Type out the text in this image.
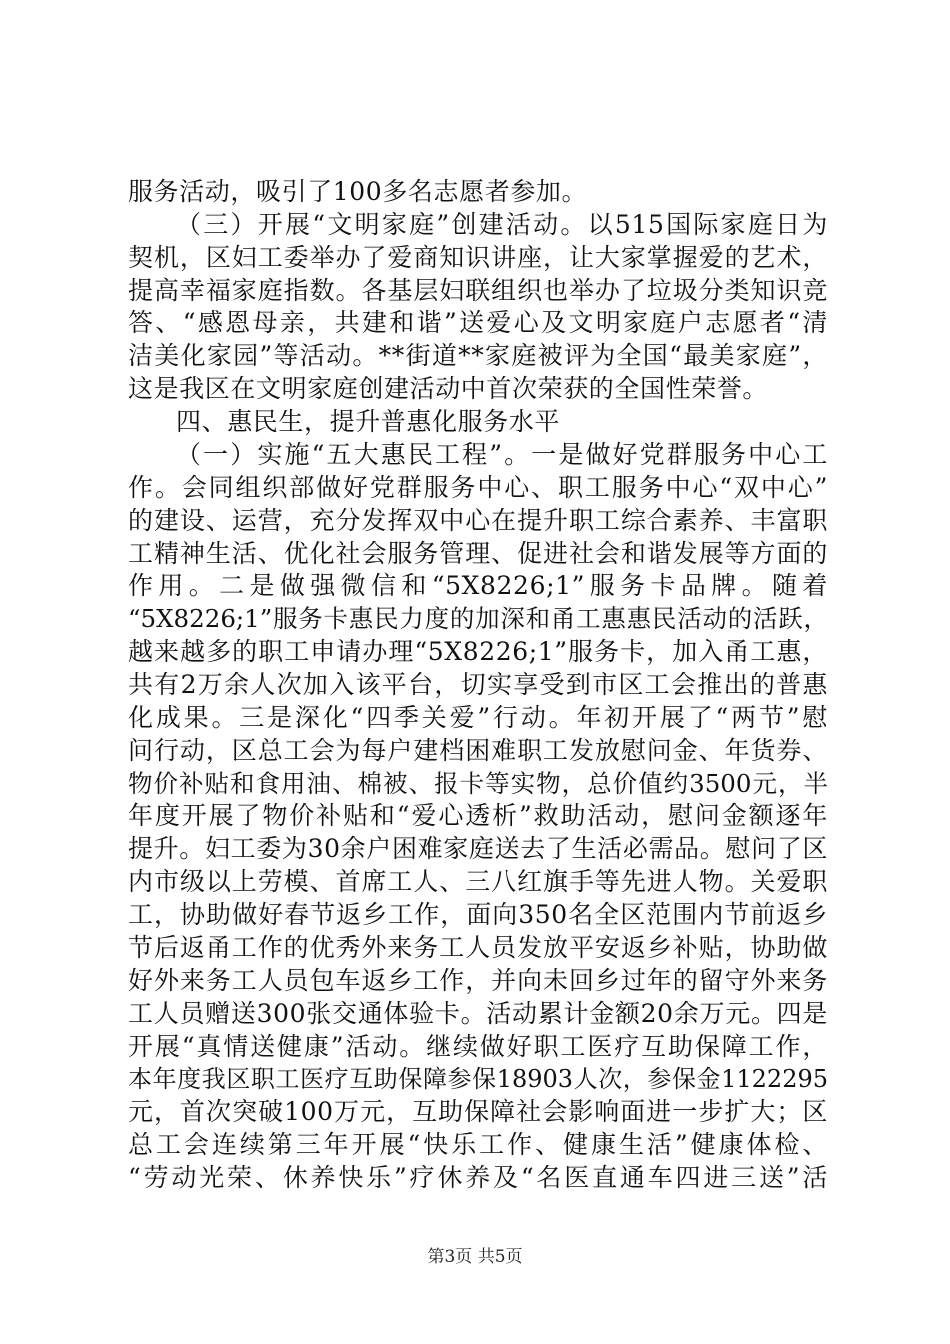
服务活动，吸引了100多名志愿者参加。
（三）开展“文明家庭”创建活动。以515国际家庭日为
契机，区妇工委举办了爱商知识讲座，让大家掌握爱的艺术，
提高幸福家庭指数。各基层妇联组织也举办了垃圾分类知识竞
答、“感恩母亲，共建和谐”送爱心及文明家庭户志愿者“清
洁美化家园”等活动。**街道**家庭被评为全国“最美家庭”，
这是我区在文明家庭创建活动中首次荣获的全国性荣誉。
四、惠民生，提升普惠化服务水平
（一）实施“五大惠民工程”。一是做好党群服务中心工
作。会同组织部做好党群服务中心、职工服务中心“双中心”
的建设、运营，充分发挥双中心在提升职工综合素养、丰富职
工精神生活、优化社会服务管理、促进社会和谐发展等方面的
作用。二是做强微信和“5X8226;1”服务卡品牌。随着
“5X8226;1”服务卡惠民力度的加深和甬工惠惠民活动的活跃，
越来越多的职工申请办理“5X8226;1”服务卡，加入甬工惠，
共有2万余人次加入该平台，切实享受到市区工会推出的普惠
化成果。三是深化“四季关爱”行动。年初开展了“两节”慰
问行动，区总工会为每户建档困难职工发放慰问金、年货券、
物价补贴和食用油、棉被、报卡等实物，总价值约3500元，半
年度开展了物价补贴和“爱心透析”救助活动，慰问金额逐年
提升。妇工委为30余户困难家庭送去了生活必需品。慰问了区
内市级以上劳模、首席工人、三八红旗手等先进人物。关爱职
工，协助做好春节返乡工作，面向350名全区范围内节前返乡
节后返甬工作的优秀外来务工人员发放平安返乡补贴，协助做
好外来务工人员包车返乡工作，并向未回乡过年的留守外来务
工人员赠送300张交通体验卡。活动累计金额20余万元。四是
开展“真情送健康”活动。继续做好职工医疗互助保障工作，
本年度我区职工医疗互助保障参保18903人次，参保金1122295
元，首次突破100万元，互助保障社会影响面进一步扩大；区
总工会连续第三年开展“快乐工作、健康生活”健康体检、
“劳动光荣、休养快乐”疗休养及“名医直通车四进三送”活
第3页 共5页
